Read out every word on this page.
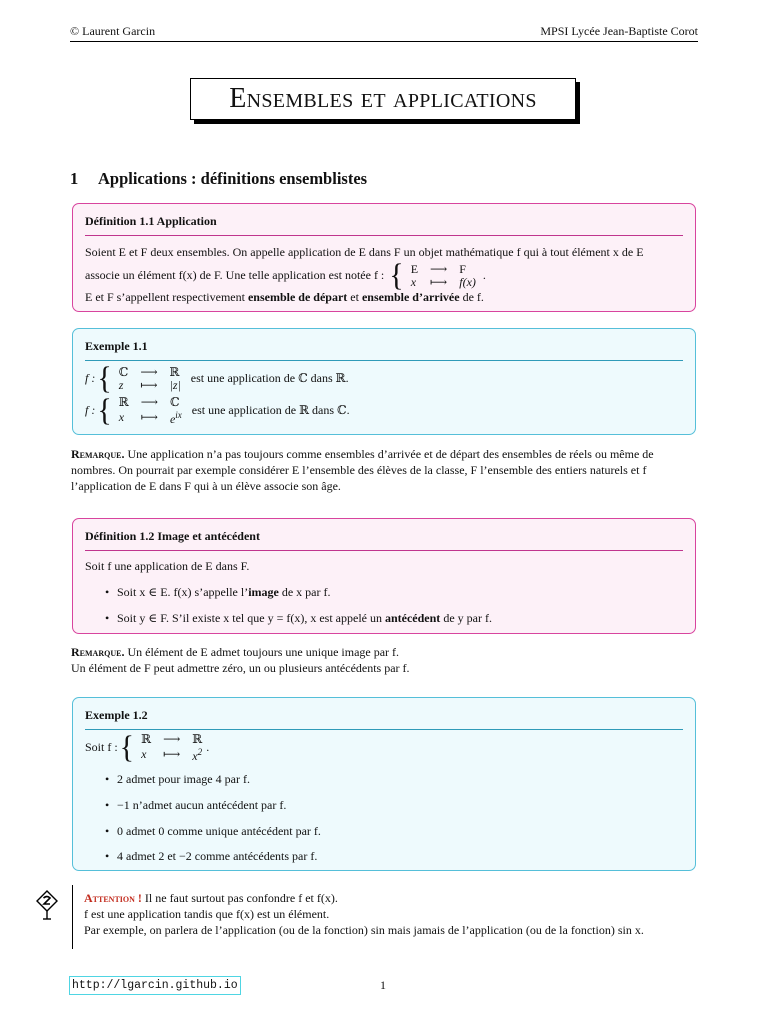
© Laurent Garcin	MPSI Lycée Jean-Baptiste Corot
Ensembles et applications
1 Applications : définitions ensemblistes
Définition 1.1 Application
Soient E et F deux ensembles. On appelle application de E dans F un objet mathématique f qui à tout élément x de E
associe un élément f(x) de F. Une telle application est notée f : { E	⟶	F
x	⟼	f(x)
.
E et F s’appellent respectivement ensemble de départ et ensemble d’arrivée de f.
Exemple 1.1
f : { ℂ	⟶	ℝ
z	⟼	|z| est une application de ℂ dans ℝ.
f : { ℝ	⟶	ℂ
x	⟼	$e^{ix}$ est une application de ℝ dans ℂ.
Remarque. Une application n’a pas toujours comme ensembles d’arrivée et de départ des ensembles de réels ou même de nombres. On pourrait par exemple considérer E l’ensemble des élèves de la classe, F l’ensemble des entiers naturels et f l’application de E dans F qui à un élève associe son âge.
Définition 1.2 Image et antécédent
Soit f une application de E dans F.
• Soit x ∈ E. f(x) s’appelle l’image de x par f.
• Soit y ∈ F. S’il existe x tel que y = f(x), x est appelé un antécédent de y par f.
Remarque. Un élément de E admet toujours une unique image par f.
Un élément de F peut admettre zéro, un ou plusieurs antécédents par f.
Exemple 1.2
Soit f : { ℝ	⟶	ℝ
x	⟼	$x^2$ .
• 2 admet pour image 4 par f.
• −1 n’admet aucun antécédent par f.
• 0 admet 0 comme unique antécédent par f.
• 4 admet 2 et −2 comme antécédents par f.
Attention ! Il ne faut surtout pas confondre f et f(x).
f est une application tandis que f(x) est un élément.
Par exemple, on parlera de l’application (ou de la fonction) sin mais jamais de l’application (ou de la fonction) sin x.
http://lgarcin.github.io	1
